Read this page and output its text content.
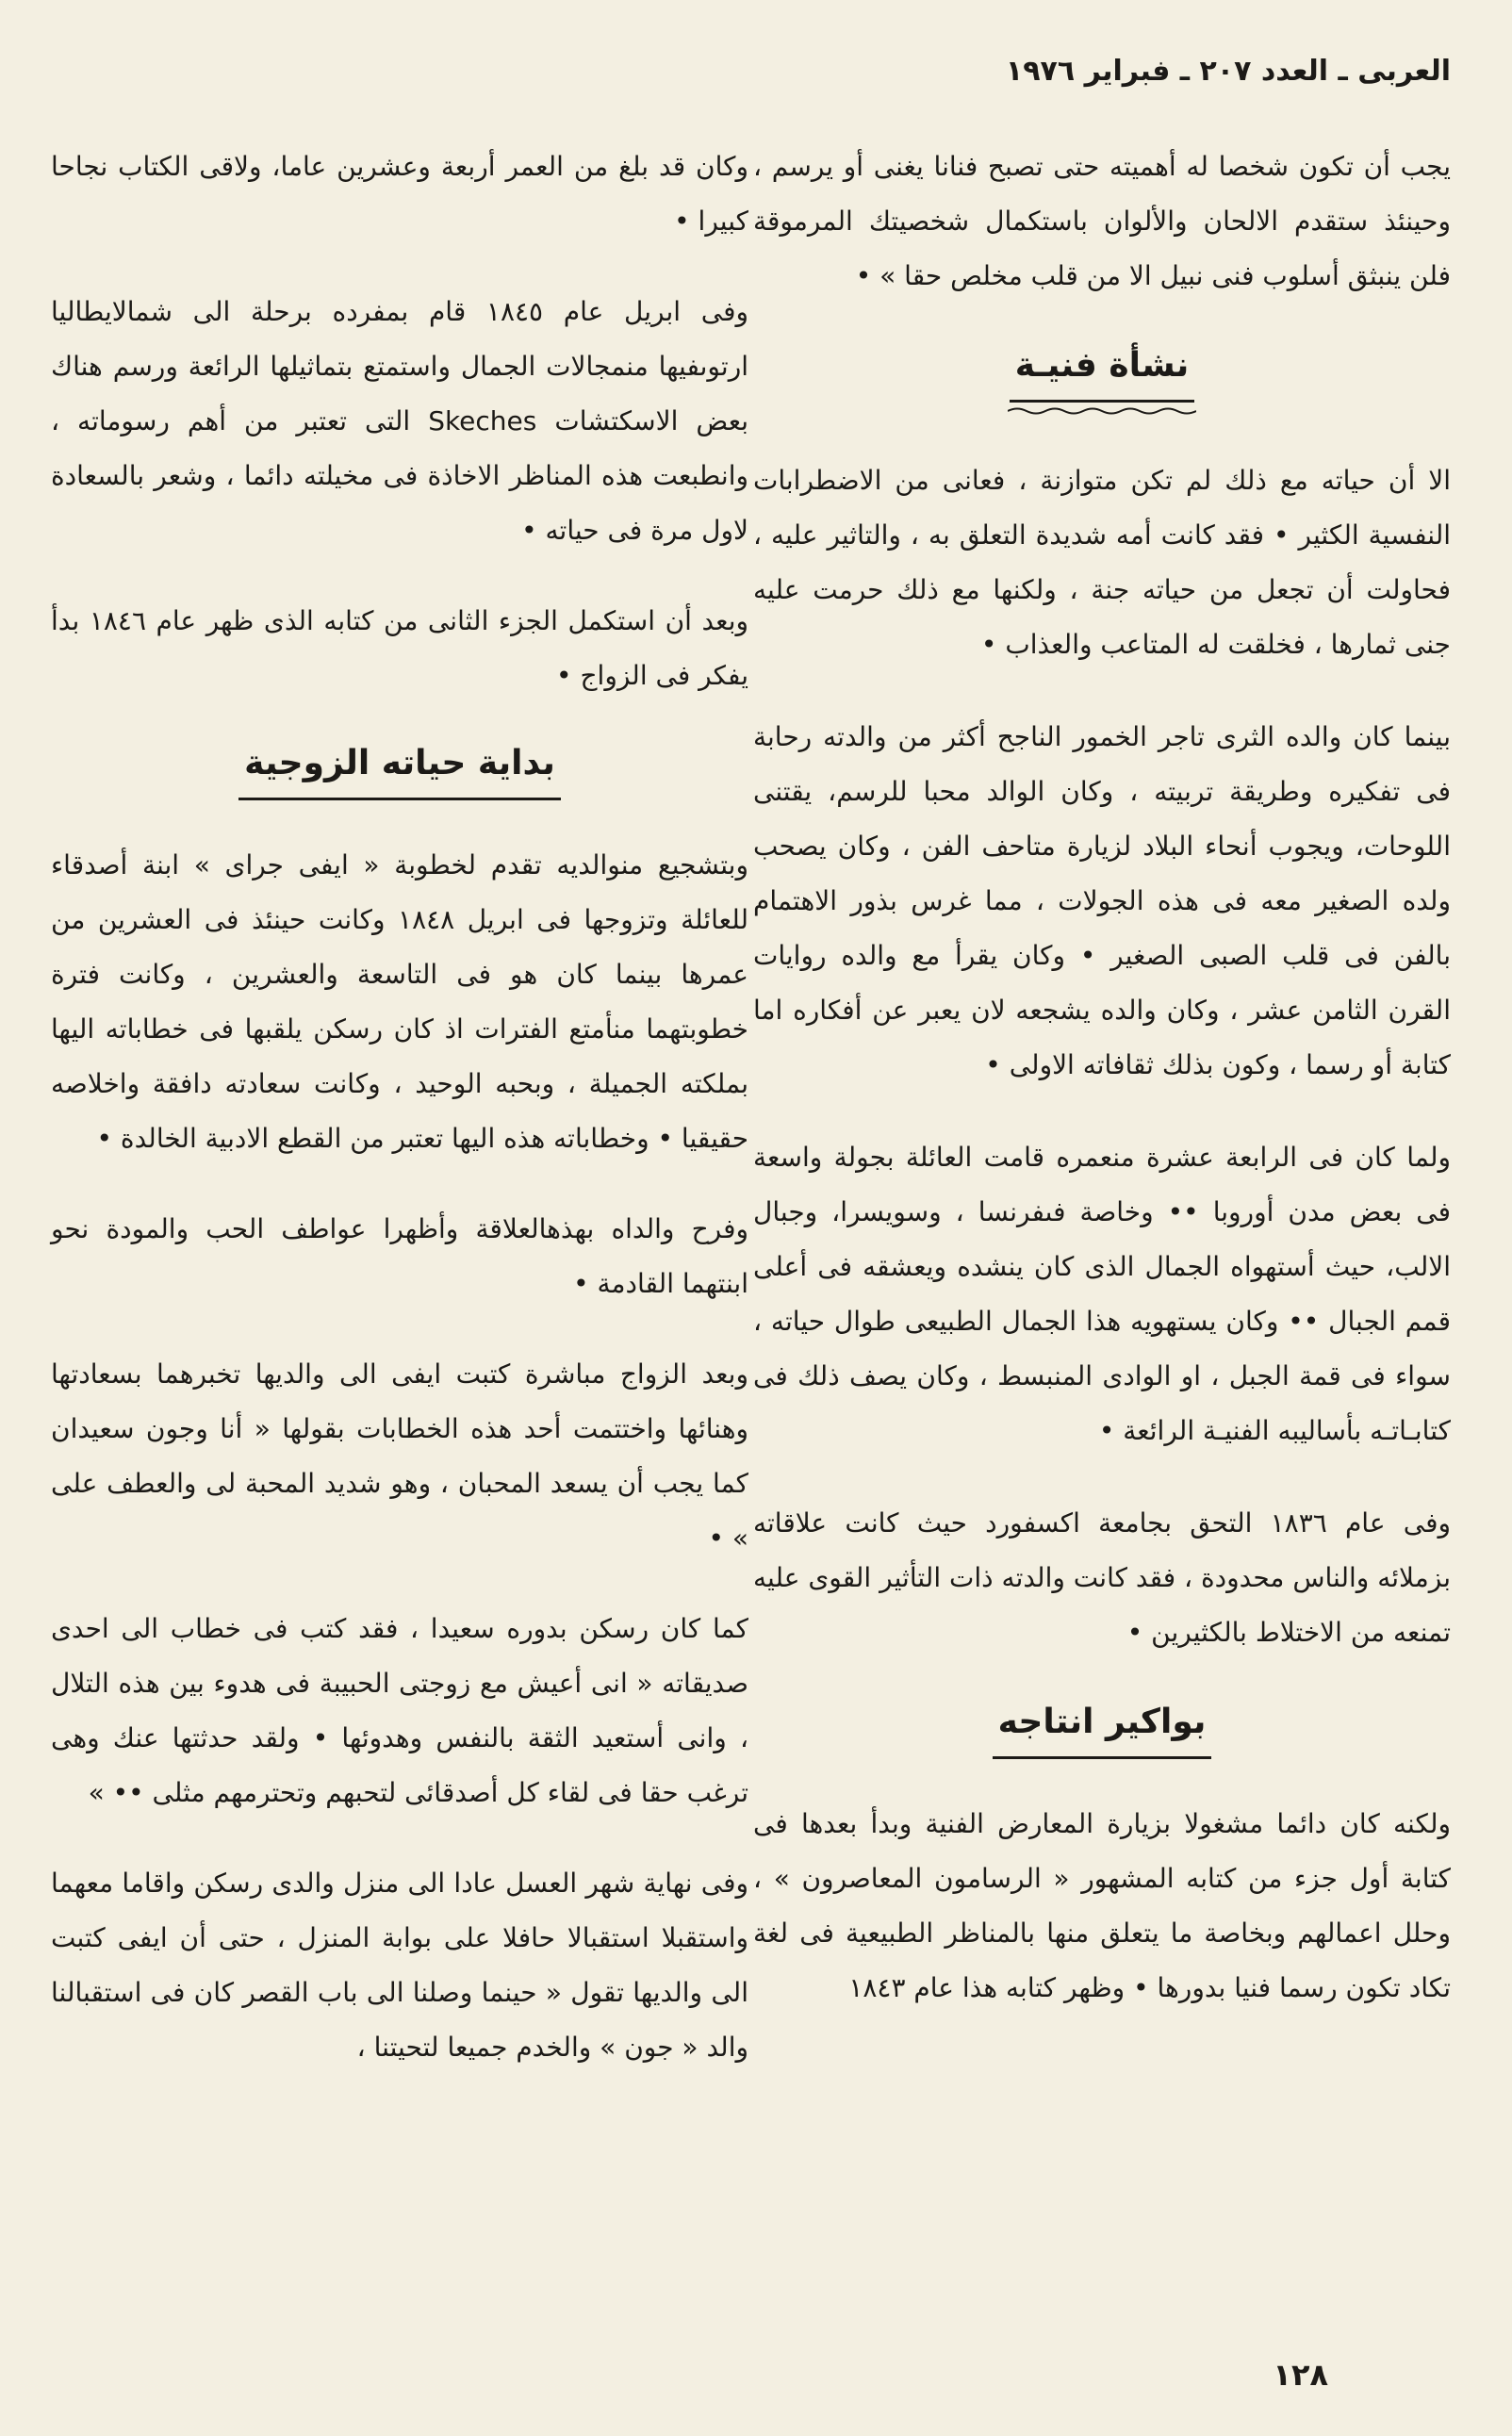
العربى ـ العدد ٢٠٧ ـ فبراير ١٩٧٦

يجب أن تكون شخصا له أهميته حتى تصبح فنانا يغنى أو يرسم ، وحينئذ ستقدم الالحان والألوان باستكمال شخصيتك المرموقة فلن ينبثق أسلوب فنى نبيل الا من قلب مخلص حقا » •

نشأة فنيـة

الا أن حياته مع ذلك لم تكن متوازنة ، فعانى من الاضطرابات النفسية الكثير • فقد كانت أمه شديدة التعلق به ، والتاثير عليه ، فحاولت أن تجعل من حياته جنة ، ولكنها مع ذلك حرمت عليه جنى ثمارها ، فخلقت له المتاعب والعذاب •

بينما كان والده الثرى تاجر الخمور الناجح أكثر من والدته رحابة فى تفكيره وطريقة تربيته ، وكان الوالد محبا للرسم، يقتنى اللوحات، ويجوب أنحاء البلاد لزيارة متاحف الفن ، وكان يصحب ولده الصغير معه فى هذه الجولات ، مما غرس بذور الاهتمام بالفن فى قلب الصبى الصغير • وكان يقرأ مع والده روايات القرن الثامن عشر ، وكان والده يشجعه لان يعبر عن أفكاره اما كتابة أو رسما ، وكون بذلك ثقافاته الاولى •

ولما كان فى الرابعة عشرة منعمره قامت العائلة بجولة واسعة فى بعض مدن أوروبا •• وخاصة فىفرنسا ، وسويسرا، وجبال الالب، حيث أستهواه الجمال الذى كان ينشده ويعشقه فى أعلى قمم الجبال •• وكان يستهويه هذا الجمال الطبيعى طوال حياته ، سواء فى قمة الجبل ، او الوادى المنبسط ، وكان يصف ذلك فى كتابـاتـه بأساليبه الفنيـة الرائعة •

وفى عام ١٨٣٦ التحق بجامعة اكسفورد حيث كانت علاقاته بزملائه والناس محدودة ، فقد كانت والدته ذات التأثير القوى عليه تمنعه من الاختلاط بالكثيرين •

بواكير انتاجه

ولكنه كان دائما مشغولا بزيارة المعارض الفنية وبدأ بعدها فى كتابة أول جزء من كتابه المشهور « الرسامون المعاصرون » ، وحلل اعمالهم وبخاصة ما يتعلق منها بالمناظر الطبيعية فى لغة تكاد تكون رسما فنيا بدورها • وظهر كتابه هذا عام ١٨٤٣

وكان قد بلغ من العمر أربعة وعشرين عاما، ولاقى الكتاب نجاحا كبيرا •

وفى ابريل عام ١٨٤٥ قام بمفرده برحلة الى شمالايطاليا ارتوىفيها منمجالات الجمال واستمتع بتماثيلها الرائعة ورسم هناك بعض الاسكتشات Skeches التى تعتبر من أهم رسوماته ، وانطبعت هذه المناظر الاخاذة فى مخيلته دائما ، وشعر بالسعادة لاول مرة فى حياته •

وبعد أن استكمل الجزء الثانى من كتابه الذى ظهر عام ١٨٤٦ بدأ يفكر فى الزواج •

بداية حياته الزوجية

وبتشجيع منوالديه تقدم لخطوبة « ايفى جراى » ابنة أصدقاء للعائلة وتزوجها فى ابريل ١٨٤٨ وكانت حينئذ فى العشرين من عمرها بينما كان هو فى التاسعة والعشرين ، وكانت فترة خطوبتهما منأمتع الفترات اذ كان رسكن يلقبها فى خطاباته اليها بملكته الجميلة ، وبحبه الوحيد ، وكانت سعادته دافقة واخلاصه حقيقيا • وخطاباته هذه اليها تعتبر من القطع الادبية الخالدة •

وفرح والداه بهذهالعلاقة وأظهرا عواطف الحب والمودة نحو ابنتهما القادمة •

وبعد الزواج مباشرة كتبت ايفى الى والديها تخبرهما بسعادتها وهنائها واختتمت أحد هذه الخطابات بقولها « أنا وجون سعيدان كما يجب أن يسعد المحبان ، وهو شديد المحبة لى والعطف على » •

كما كان رسكن بدوره سعيدا ، فقد كتب فى خطاب الى احدى صديقاته « انى أعيش مع زوجتى الحبيبة فى هدوء بين هذه التلال ، وانى أستعيد الثقة بالنفس وهدوئها • ولقد حدثتها عنك وهى ترغب حقا فى لقاء كل أصدقائى لتحبهم وتحترمهم مثلى •• »

وفى نهاية شهر العسل عادا الى منزل والدى رسكن واقاما معهما واستقبلا استقبالا حافلا على بوابة المنزل ، حتى أن ايفى كتبت الى والديها تقول « حينما وصلنا الى باب القصر كان فى استقبالنا والد « جون » والخدم جميعا لتحيتنا ،

١٢٨
